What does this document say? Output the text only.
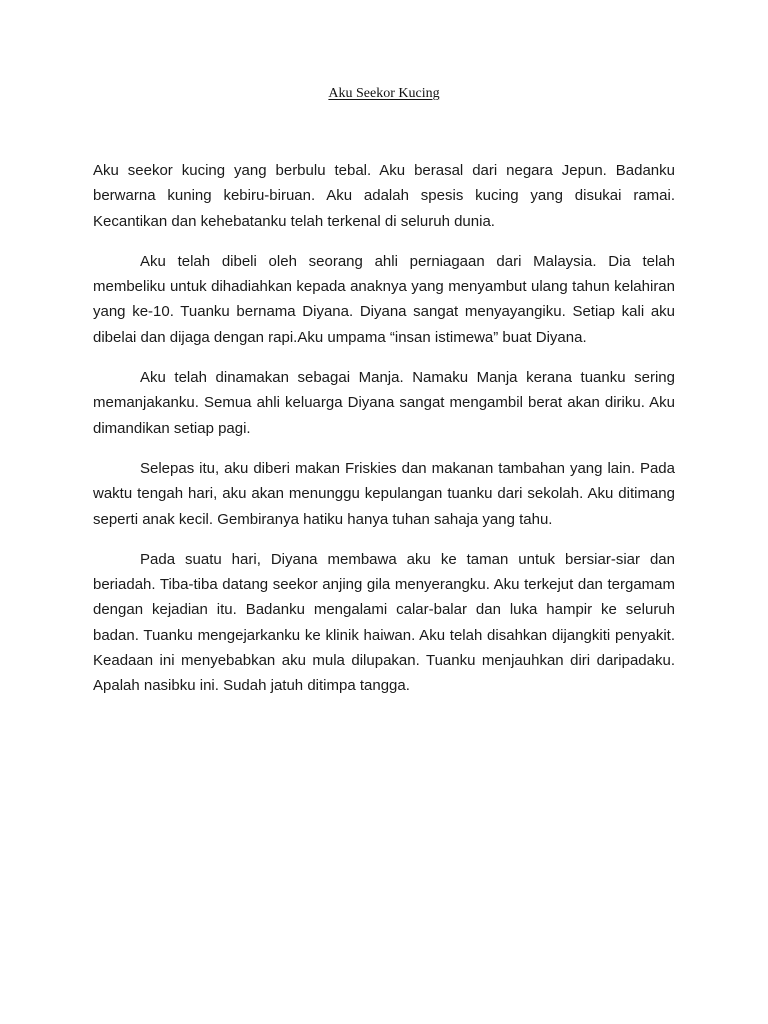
Aku Seekor Kucing

Aku seekor kucing yang berbulu tebal. Aku berasal dari negara Jepun. Badanku berwarna kuning kebiru-biruan. Aku adalah spesis kucing yang disukai ramai. Kecantikan dan kehebatanku telah terkenal di seluruh dunia.

Aku telah dibeli oleh seorang ahli perniagaan dari Malaysia. Dia telah membeliku untuk dihadiahkan kepada anaknya yang menyambut ulang tahun kelahiran yang ke-10. Tuanku bernama Diyana. Diyana sangat menyayangiku. Setiap kali aku dibelai dan dijaga dengan rapi.Aku umpama “insan istimewa” buat Diyana.

Aku telah dinamakan sebagai Manja. Namaku Manja kerana tuanku sering memanjakanku. Semua ahli keluarga Diyana sangat mengambil berat akan diriku. Aku dimandikan setiap pagi.

Selepas itu, aku diberi makan Friskies dan makanan tambahan yang lain. Pada waktu tengah hari, aku akan menunggu kepulangan tuanku dari sekolah. Aku ditimang seperti anak kecil. Gembiranya hatiku hanya tuhan sahaja yang tahu.

Pada suatu hari, Diyana membawa aku ke taman untuk bersiar-siar dan beriadah. Tiba-tiba datang seekor anjing gila menyerangku. Aku terkejut dan tergamam dengan kejadian itu. Badanku mengalami calar-balar dan luka hampir ke seluruh badan. Tuanku mengejarkanku ke klinik haiwan. Aku telah disahkan dijangkiti penyakit. Keadaan ini menyebabkan aku mula dilupakan. Tuanku menjauhkan diri daripadaku. Apalah nasibku ini. Sudah jatuh ditimpa tangga.
